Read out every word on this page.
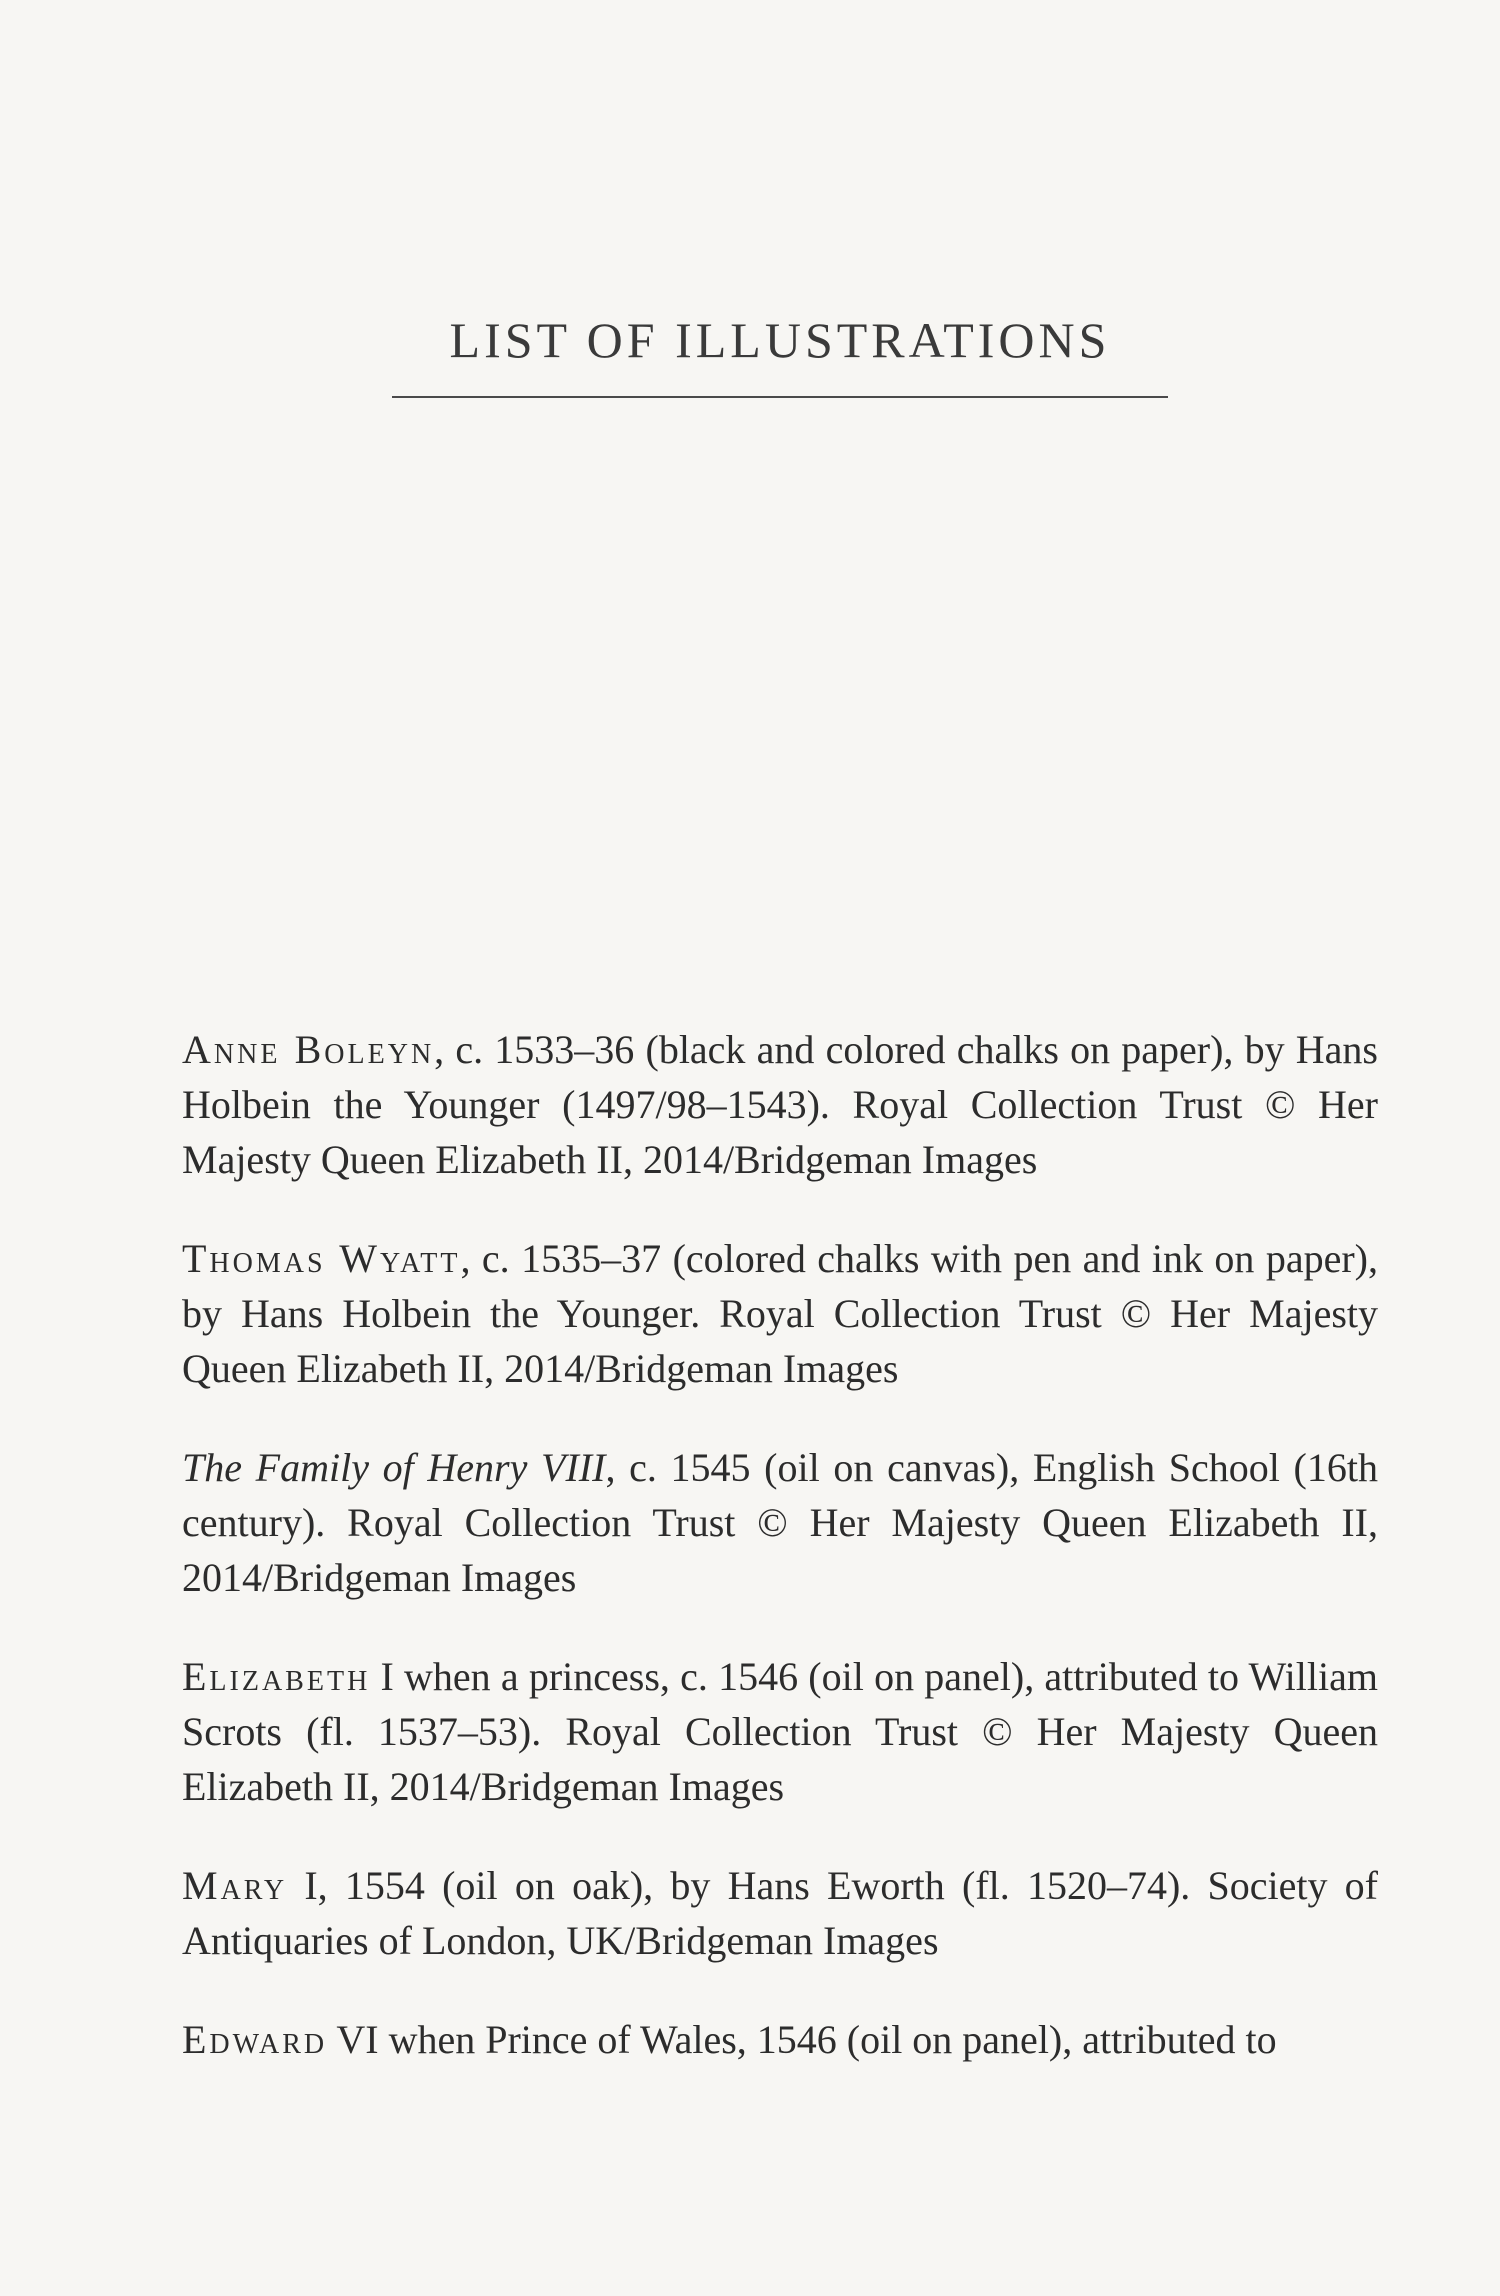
LIST OF ILLUSTRATIONS

Anne Boleyn, c. 1533–36 (black and colored chalks on paper), by Hans Holbein the Younger (1497/98–1543). Royal Collection Trust © Her Majesty Queen Elizabeth II, 2014/Bridgeman Images

Thomas Wyatt, c. 1535–37 (colored chalks with pen and ink on paper), by Hans Holbein the Younger. Royal Collection Trust © Her Majesty Queen Elizabeth II, 2014/Bridgeman Images

The Family of Henry VIII, c. 1545 (oil on canvas), English School (16th century). Royal Collection Trust © Her Majesty Queen Elizabeth II, 2014/Bridgeman Images

Elizabeth I when a princess, c. 1546 (oil on panel), attributed to William Scrots (fl. 1537–53). Royal Collection Trust © Her Majesty Queen Elizabeth II, 2014/Bridgeman Images

Mary I, 1554 (oil on oak), by Hans Eworth (fl. 1520–74). Society of Antiquaries of London, UK/Bridgeman Images

Edward VI when Prince of Wales, 1546 (oil on panel), attributed to
